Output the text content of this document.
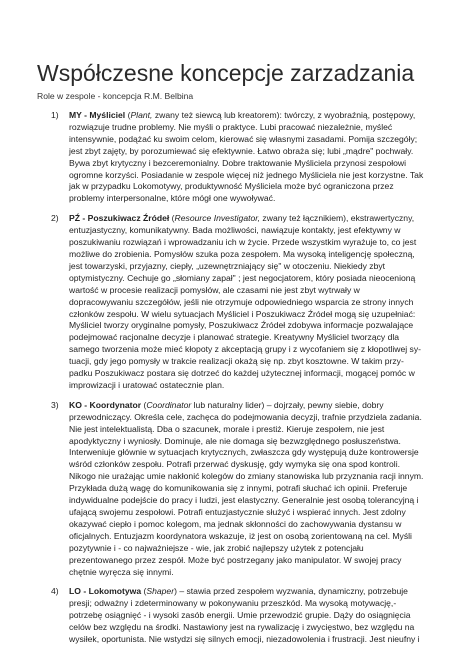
Współczesne koncepcje zarzadzania
Role w zespole - koncepcja R.M. Belbina
1) MY - Myśliciel (Plant, zwany też siewcą lub kreatorem): twórczy, z wyobraźnią, postępowy,
rozwiązuje trudne problemy. Nie myśli o praktyce. Lubi pracować niezależnie, myśleć
intensywnie, podążać ku swoim celom, kierować się własnymi zasadami. Pomija szczegóły;
jest zbyt zajęty, by porozumiewać się efektywnie. Łatwo obraża się; lubi „mądre" pochwały.
Bywa zbyt krytyczny i bezceremonialny. Dobre traktowanie Myśliciela przynosi zespołowi
ogromne korzyści. Posiadanie w zespole więcej niż jednego Myśliciela nie jest korzystne. Tak
jak w przypadku Lokomotywy, produktywność Myśliciela może być ograniczona przez
problemy interpersonalne, które mógł one wywoływać.
2) PŹ - Poszukiwacz Źródeł (Resource Investigator, zwany też łącznikiem), ekstrawertyczny,
entuzjastyczny, komunikatywny. Bada możliwości, nawiązuje kontakty, jest efektywny w
poszukiwaniu rozwiązań i wprowadzaniu ich w życie. Przede wszystkim wyrażuje to, co jest
możliwe do zrobienia. Pomysłów szuka poza zespołem. Ma wysoką inteligencję społeczną,
jest towarzyski, przyjazny, ciepły, „uzewnętrzniający się" w otoczeniu. Niekiedy zbyt
optymistyczny. Cechuje go „słomiany zapał" ; jest negocjatorem, który posiada nieocenioną
wartość w procesie realizacji pomysłów, ale czasami nie jest zbyt wytrwały w
dopracowywaniu szczegółów, jeśli nie otrzymuje odpowiedniego wsparcia ze strony innych
członków zespołu. W wielu sytuacjach Myśliciel i Poszukiwacz Źródeł mogą się uzupełniać:
Myśliciel tworzy oryginalne pomysły, Poszukiwacz Źródeł zdobywa informacje pozwalające
podejmować racjonalne decyzje i planować strategie. Kreatywny Myśliciel tworzący dla
samego tworzenia może mieć kłopoty z akceptacją grupy i z wycofaniem się z kłopotliwej sy-
tuacji, gdy jego pomysły w trakcie realizacji okażą się np. zbyt kosztowne. W takim przy-
padku Poszukiwacz postara się dotrzeć do każdej użytecznej informacji, mogącej pomóc w
improwizacji i uratować ostatecznie plan.
3) KO - Koordynator (Coordinator lub naturalny lider) – dojrzały, pewny siebie, dobry
przewodniczący. Określa cele, zachęca do podejmowania decyzji, trafnie przydziela zadania.
Nie jest intelektualistą. Dba o szacunek, morale i prestiż. Kieruje zespołem, nie jest
apodyktyczny i wyniosły. Dominuje, ale nie domaga się bezwzględnego posłuszeństwa.
Interweniuje głównie w sytuacjach krytycznych, zwłaszcza gdy występują duże kontrowersje
wśród członków zespołu. Potrafi przerwać dyskusję, gdy wymyka się ona spod kontroli.
Nikogo nie urażając umie nakłonić kolegów do zmiany stanowiska lub przyznania racji innym.
Przykłada dużą wagę do komunikowania się z innymi, potrafi słuchać ich opinii. Preferuje
indywidualne podejście do pracy i ludzi, jest elastyczny. Generalnie jest osobą tolerancyjną i
ufającą swojemu zespołowi. Potrafi entuzjastycznie służyć i wspierać innych. Jest zdolny
okazywać ciepło i pomoc kolegom, ma jednak skłonności do zachowywania dystansu w
oficjalnych. Entuzjazm koordynatora wskazuje, iż jest on osobą zorientowaną na cel. Myśli
pozytywnie i - co najważniejsze - wie, jak zrobić najlepszy użytek z potencjału
prezentowanego przez zespół. Może być postrzegany jako manipulator. W swojej pracy
chętnie wyręcza się innymi.
4) LO - Lokomotywa (Shaper) – stawia przed zespołem wyzwania, dynamiczny, potrzebuje
presji; odważny i zdeterminowany w pokonywaniu przeszkód. Ma wysoką motywację,-
potrzebę osiągnięć - i wysoki zasób energii. Umie przewodzić grupie. Dąży do osiągnięcia
celów bez względu na środki. Nastawiony jest na rywalizację i zwycięstwo, bez względu na
wysiłek, oportunista. Nie wstydzi się silnych emocji, niezadowolenia i frustracji. Jest nieufny i
